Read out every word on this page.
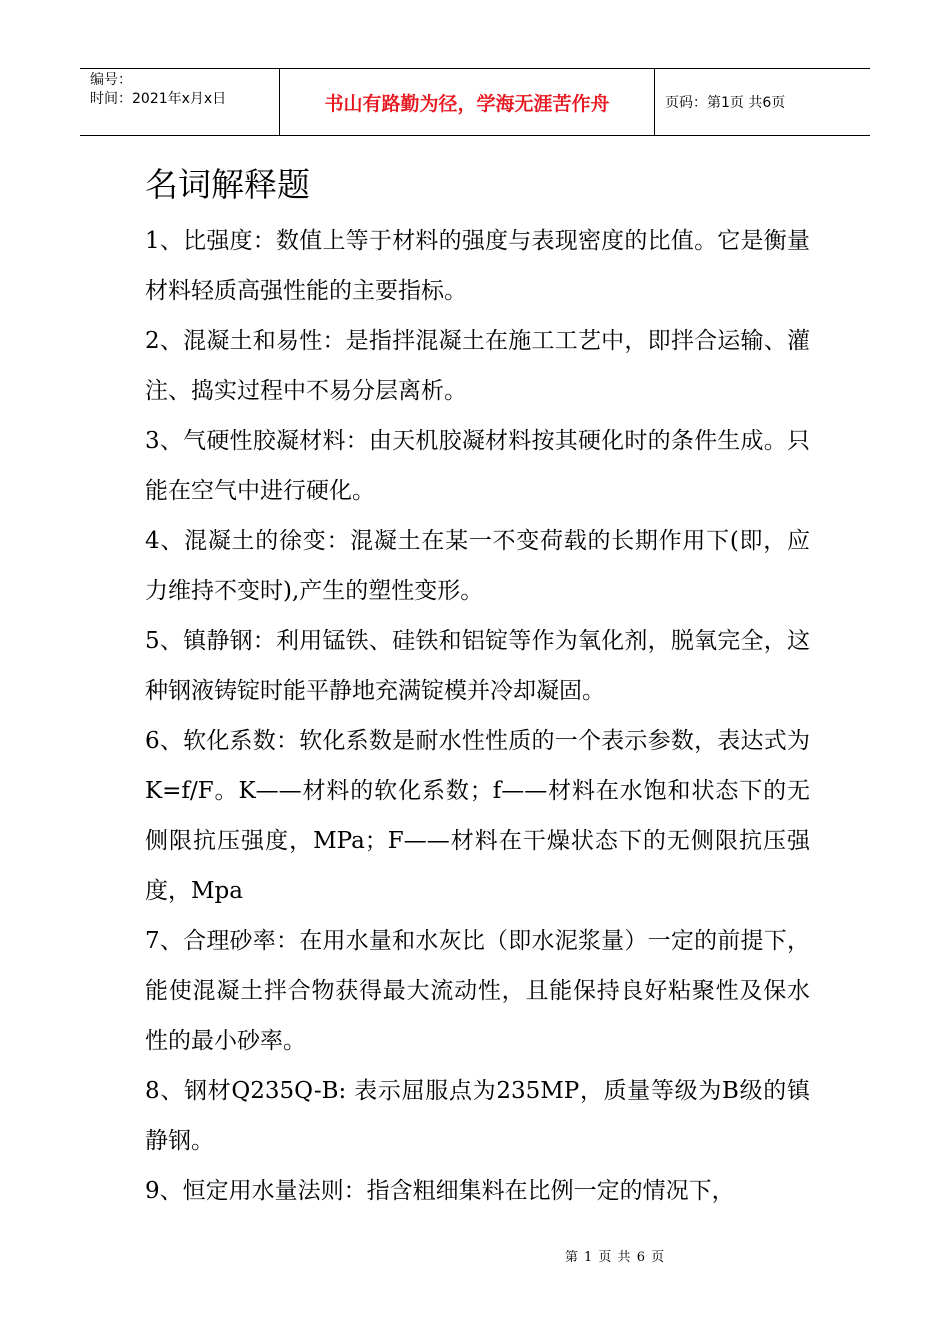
编号：
时间：2021年x月x日	书山有路勤为径，学海无涯苦作舟	页码：第1页 共6页
名词解释题

1、比强度：数值上等于材料的强度与表现密度的比值。它是衡量材料轻质高强性能的主要指标。

2、混凝土和易性：是指拌混凝土在施工工艺中，即拌合运输、灌注、捣实过程中不易分层离析。

3、气硬性胶凝材料：由天机胶凝材料按其硬化时的条件生成。只能在空气中进行硬化。

4、混凝土的徐变：混凝土在某一不变荷载的长期作用下(即，应力维持不变时),产生的塑性变形。

5、镇静钢：利用锰铁、硅铁和铝锭等作为氧化剂，脱氧完全，这种钢液铸锭时能平静地充满锭模并冷却凝固。

6、软化系数：软化系数是耐水性性质的一个表示参数，表达式为K=f/F。K——材料的软化系数；f——材料在水饱和状态下的无侧限抗压强度，MPa；F——材料在干燥状态下的无侧限抗压强度，Mpa

7、合理砂率：在用水量和水灰比（即水泥浆量）一定的前提下，能使混凝土拌合物获得最大流动性，且能保持良好粘聚性及保水性的最小砂率。

8、钢材Q235Q-B: 表示屈服点为235MP，质量等级为B级的镇静钢。

9、恒定用水量法则：指含粗细集料在比例一定的情况下，

第 1 页 共 6 页
